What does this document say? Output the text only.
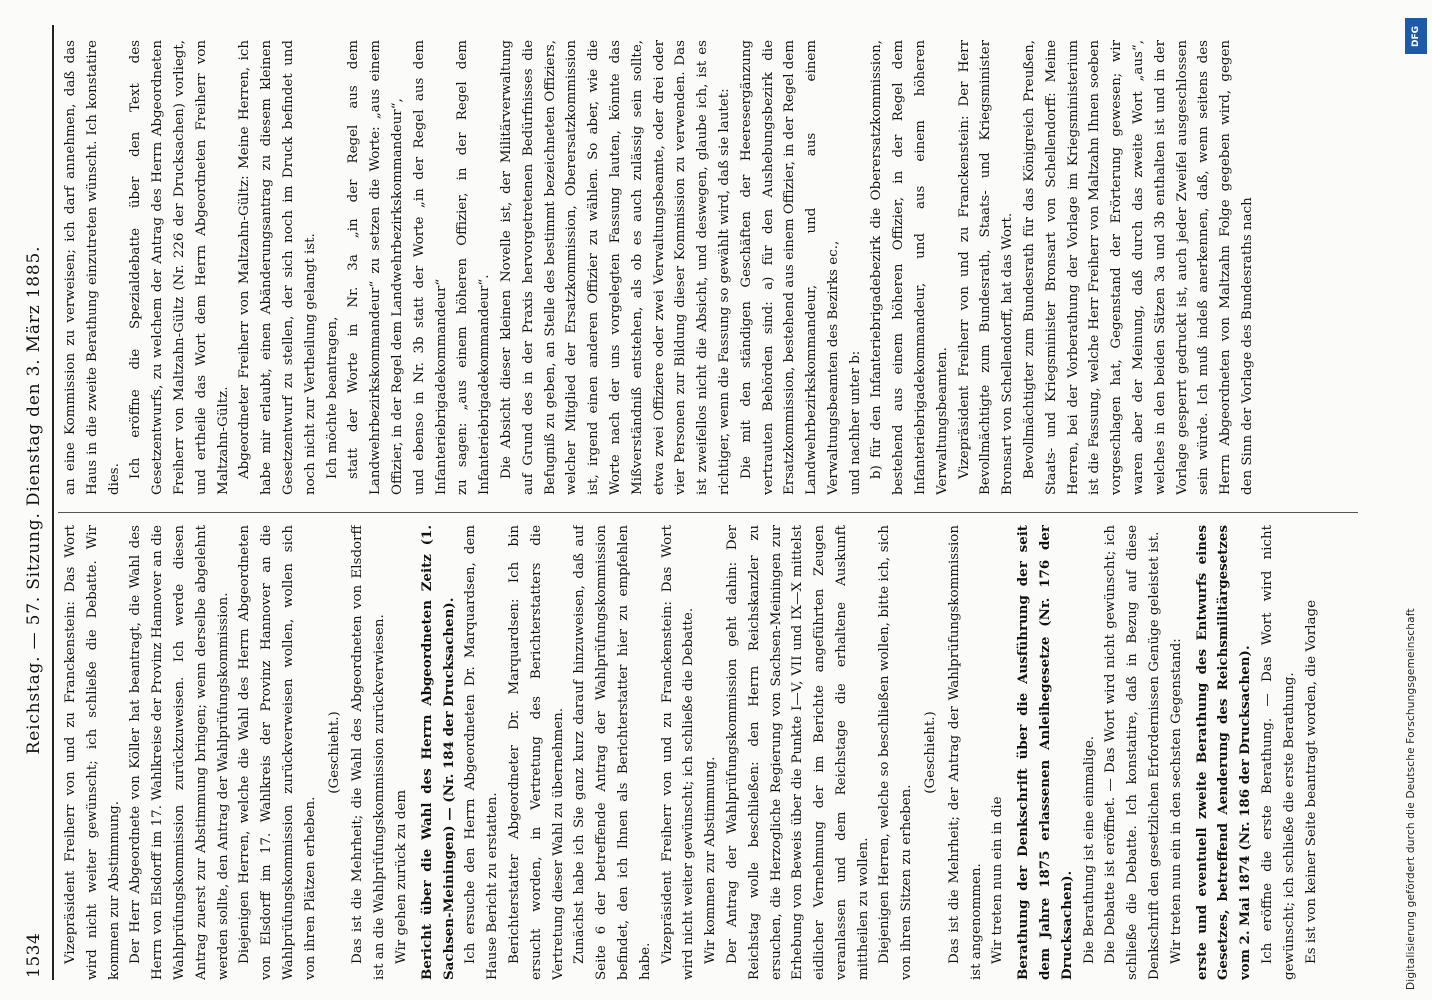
1534
Reichstag. — 57. Sitzung. Dienstag den 3. März 1885. Vizepräsident Freiherr von und zu Franckenstein: Das Wort wird nicht weiter gewünscht; ich schließe die Debatte. Wir kommen zur Abstimmung. Der Herr Abgeordnete von Köller hat beantragt, die Wahl des Herrn von Elsdorff im 17. Wahlkreise der Provinz Hannover an die Wahlprüfungskommission zurückzuweisen. Ich werde diesen Antrag zuerst zur Abstimmung bringen; wenn derselbe abgelehnt werden sollte, den Antrag der Wahlprüfungskommission. Diejenigen Herren, welche die Wahl des Herrn Abgeordneten von Elsdorff im 17. Wahlkreis der Provinz Hannover an die Wahlprüfungskommission zurückverweisen wollen, wollen sich von ihren Plätzen erheben.

(Geschieht.) Das ist die Mehrheit; die Wahl des Abgeordneten von Elsdorff ist an die Wahlprüfungskommission zurückverwiesen. Wir gehen zurück zu dem Bericht über die Wahl des Herrn Abgeordneten Zeitz (1. Sachsen-Meiningen) — (Nr. 184 der Drucksachen). Ich ersuche den Herrn Abgeordneten Dr. Marquardsen, dem Hause Bericht zu erstatten. Berichterstatter Abgeordneter Dr. Marquardsen: Ich bin ersucht worden, in Vertretung des Berichterstatters die Vertretung dieser Wahl zu übernehmen. Zunächst habe ich Sie ganz kurz darauf hinzuweisen, daß auf Seite 6 der betreffende Antrag der Wahlprüfungskommission befindet, den ich Ihnen als Berichterstatter hier zu empfehlen habe. Vizepräsident Freiherr von und zu Franckenstein: Das Wort wird nicht weiter gewünscht; ich schließe die Debatte. Wir kommen zur Abstimmung. Der Antrag der Wahlprüfungskommission geht dahin: Der Reichstag wolle beschließen: den Herrn Reichskanzler zu ersuchen, die Herzogliche Regierung von Sachsen-Meiningen zur Erhebung von Beweis über die Punkte I—V, VII und IX—X mittelst eidlicher Vernehmung der im Berichte angeführten Zeugen veranlassen und dem Reichstage die erhaltene Auskunft mittheilen zu wollen. Diejenigen Herren, welche so beschließen wollen, bitte ich, sich von ihren Sitzen zu erheben.

(Geschieht.) Das ist die Mehrheit; der Antrag der Wahlprüfungskommission ist angenommen. Wir treten nun ein in die Berathung der Denkschrift über die Ausführung der seit dem Jahre 1875 erlassenen Anleihegesetze (Nr. 176 der Drucksachen). Die Berathung ist eine einmalige. Die Debatte ist eröffnet. — Das Wort wird nicht gewünscht; ich schließe die Debatte. Ich konstatire, daß in Bezug auf diese Denkschrift den gesetzlichen Erfordernissen Genüge geleistet ist. Wir treten nun ein in den sechsten Gegenstand: erste und eventuell zweite Berathung des Entwurfs eines Gesetzes, betreffend Aenderung des Reichsmilitärgesetzes vom 2. Mai 1874 (Nr. 186 der Drucksachen). Ich eröffne die erste Berathung. — Das Wort wird nicht gewünscht; ich schließe die erste Berathung. Es ist von keiner Seite beantragt worden, die Vorlage

an eine Kommission zu verweisen; ich darf annehmen, daß das Haus in die zweite Berathung einzutreten wünscht. Ich konstatire dies.

Ich eröffne die Spezialdebatte über den Text des Gesetzentwurfs, zu welchem der Antrag des Herrn Abgeordneten Freiherr von Maltzahn-Gültz (Nr. 226 der Drucksachen) vorliegt, und ertheile das Wort dem Herrn Abgeordneten Freiherr von Maltzahn-Gültz. Abgeordneter Freiherr von Maltzahn-Gültz: Meine Herren, ich habe mir erlaubt, einen Abänderungsantrag zu diesem kleinen Gesetzentwurf zu stellen, der sich noch im Druck befindet und noch nicht zur Vertheilung gelangt ist. Ich möchte beantragen, statt der Worte in Nr. 3a „in der Regel aus dem Landwehrbezirkskommandeur“ zu setzen die Worte: „aus einem Offizier, in der Regel dem Landwehrbezirkskommandeur“, und ebenso in Nr. 3b statt der Worte „in der Regel aus dem Infanteriebrigadekommandeur“ zu sagen: „aus einem höheren Offizier, in der Regel dem Infanteriebrigadekommandeur“. Die Absicht dieser kleinen Novelle ist, der Militärverwaltung auf Grund des in der Praxis hervorgetretenen Bedürfnisses die Befugniß zu geben, an Stelle des bestimmt bezeichneten Offiziers, welcher Mitglied der Ersatzkommission, Oberersatzkommission ist, irgend einen anderen Offizier zu wählen. So aber, wie die Worte nach der uns vorgelegten Fassung lauten, könnte das Mißverständniß entstehen, als ob es auch zulässig sein sollte, etwa zwei Offiziere oder zwei Verwaltungsbeamte, oder drei oder vier Personen zur Bildung dieser Kommission zu verwenden. Das ist zweifellos nicht die Absicht, und deswegen, glaube ich, ist es richtiger, wenn die Fassung so gewählt wird, daß sie lautet: Die mit den ständigen Geschäften der Heeresergänzung vertrauten Behörden sind: a) für den Aushebungsbezirk die Ersatzkommission, bestehend aus einem Offizier, in der Regel dem Landwehrbezirkskommandeur, und aus einem Verwaltungsbeamten des Bezirks ec., und nachher unter b: b) für den Infanteriebrigadebezirk die Oberersatzkommission, bestehend aus einem höheren Offizier, in der Regel dem Infanteriebrigadekommandeur, und aus einem höheren Verwaltungsbeamten. Vizepräsident Freiherr von und zu Franckenstein: Der Herr Bevollmächtigte zum Bundesrath, Staats- und Kriegsminister Bronsart von Schellendorff, hat das Wort. Bevollmächtigter zum Bundesrath für das Königreich Preußen, Staats- und Kriegsminister Bronsart von Schellendorff: Meine Herren, bei der Vorberathung der Vorlage im Kriegsministerium ist die Fassung, welche Herr Freiherr von Maltzahn Ihnen soeben vorgeschlagen hat, Gegenstand der Erörterung gewesen; wir waren aber der Meinung, daß durch das zweite Wort „aus“, welches in den beiden Sätzen 3a und 3b enthalten ist und in der Vorlage gesperrt gedruckt ist, auch jeder Zweifel ausgeschlossen sein würde. Ich muß indeß anerkennen, daß, wenn seitens des Herrn Abgeordneten von Maltzahn Folge gegeben wird, gegen den Sinn der Vorlage des Bundesraths nach

Digitalisierung gefördert durch die Deutsche Forschungsgemeinschaft
DFG
